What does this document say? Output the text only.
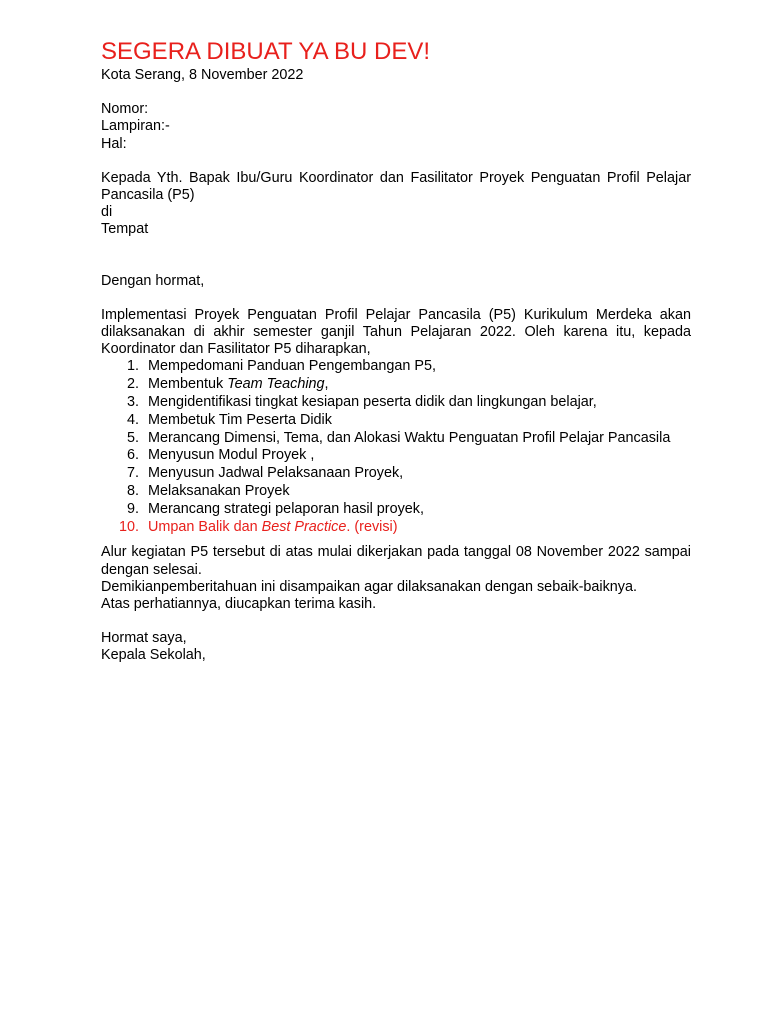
SEGERA DIBUAT YA BU DEV!
Kota Serang, 8 November 2022
Nomor:
Lampiran:-
Hal:
Kepada Yth. Bapak Ibu/Guru Koordinator dan Fasilitator Proyek Penguatan Profil Pelajar Pancasila (P5)
di
Tempat
Dengan hormat,
Implementasi Proyek Penguatan Profil Pelajar Pancasila (P5) Kurikulum Merdeka akan dilaksanakan di akhir semester ganjil Tahun Pelajaran 2022. Oleh karena itu, kepada Koordinator dan Fasilitator P5 diharapkan,
1. Mempedomani Panduan Pengembangan P5,
2. Membentuk Team Teaching,
3. Mengidentifikasi tingkat kesiapan peserta didik dan lingkungan belajar,
4. Membetuk Tim Peserta Didik
5. Merancang Dimensi, Tema, dan Alokasi Waktu Penguatan Profil Pelajar Pancasila
6. Menyusun Modul Proyek ,
7. Menyusun Jadwal Pelaksanaan Proyek,
8. Melaksanakan Proyek
9. Merancang strategi pelaporan hasil proyek,
10. Umpan Balik dan Best Practice. (revisi)
Alur kegiatan P5 tersebut di atas mulai dikerjakan pada tanggal 08 November 2022 sampai dengan selesai.
Demikianpemberitahuan ini disampaikan agar dilaksanakan dengan sebaik-baiknya.
Atas perhatiannya, diucapkan terima kasih.
Hormat saya,
Kepala Sekolah,
